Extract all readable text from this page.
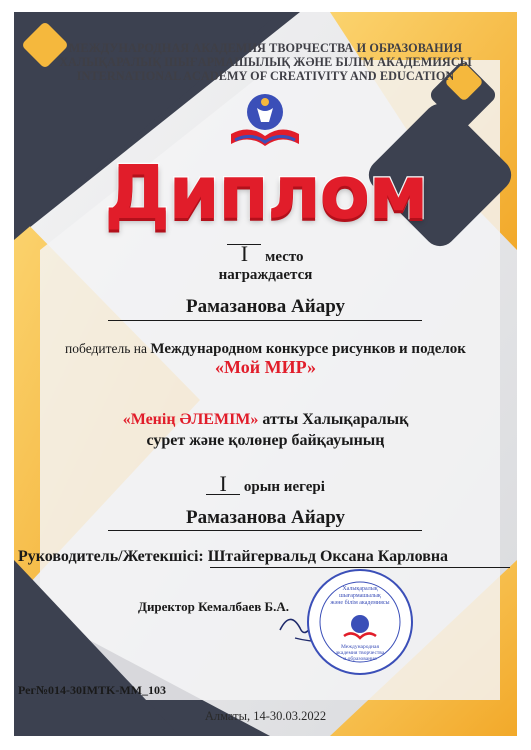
МЕЖДУНАРОДНАЯ АКАДЕМИЯ ТВОРЧЕСТВА И ОБРАЗОВАНИЯ
ХАЛЫҚАРАЛЫҚ ШЫҒАРМАШЫЛЫҚ ЖӘНЕ БІЛІМ АКАДЕМИЯСЫ
INTERNATIONAL ACADEMY OF CREATIVITY AND EDUCATION
Диплом
I место
награждается
Рамазанова Айару
победитель на Международном конкурсе рисунков и поделок
«Мой МИР»
«Менің ӘЛЕМІМ» атты Халықаралық
сурет және қолөнер байқауының
I орын иегері
Рамазанова Айару
Руководитель/Жетекшісі: Штайгервальд Оксана Карловна
Директор Кемалбаев Б.А.
Халықаралық
шығармашылық
және білім академиясы
Международная
академия творчества
и образования
Рег№014-30IMTK-MM_103
Алматы, 14-30.03.2022
